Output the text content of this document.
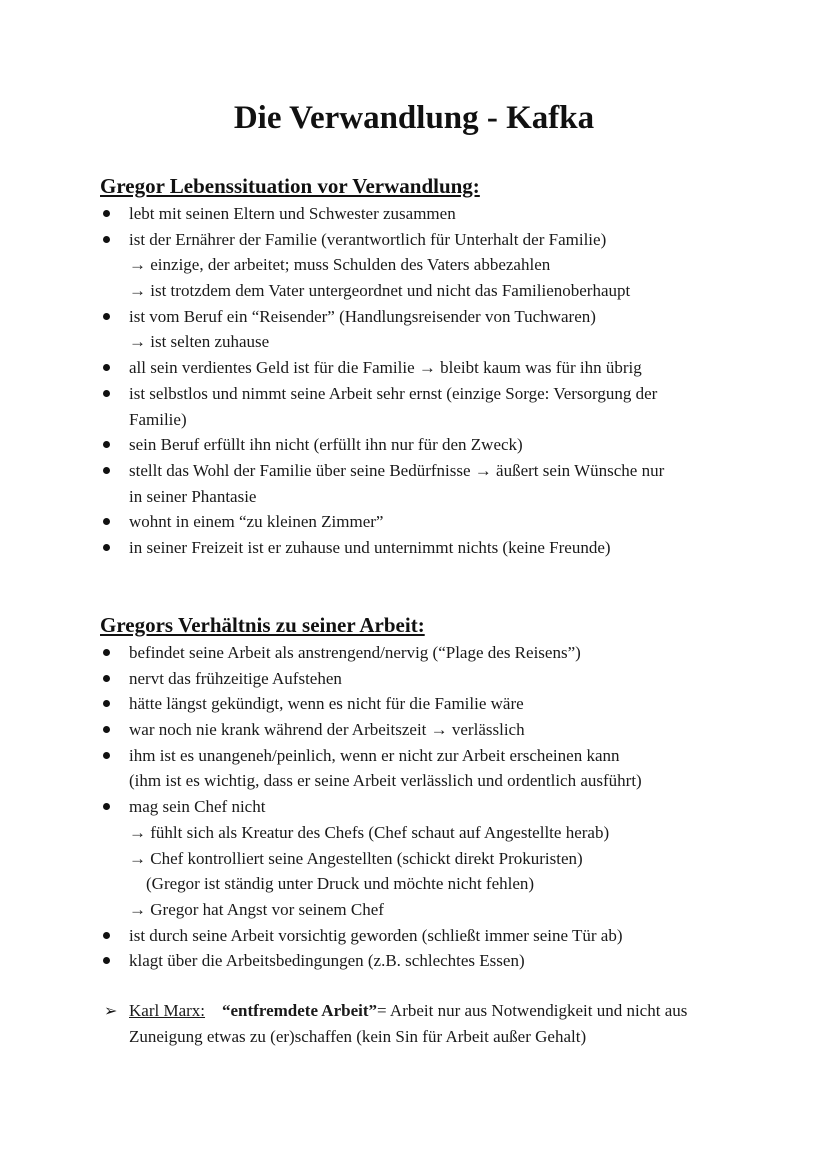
Die Verwandlung - Kafka
Gregor Lebenssituation vor Verwandlung:
lebt mit seinen Eltern und Schwester zusammen
ist der Ernährer der Familie (verantwortlich für Unterhalt der Familie)
→ einzige, der arbeitet; muss Schulden des Vaters abbezahlen
→ ist trotzdem dem Vater untergeordnet und nicht das Familienoberhaupt
ist vom Beruf ein “Reisender” (Handlungsreisender von Tuchwaren)
→ ist selten zuhause
all sein verdientes Geld ist für die Familie → bleibt kaum was für ihn übrig
ist selbstlos und nimmt seine Arbeit sehr ernst (einzige Sorge: Versorgung der
Familie)
sein Beruf erfüllt ihn nicht (erfüllt ihn nur für den Zweck)
stellt das Wohl der Familie über seine Bedürfnisse → äußert sein Wünsche nur
in seiner Phantasie
wohnt in einem “zu kleinen Zimmer”
in seiner Freizeit ist er zuhause und unternimmt nichts (keine Freunde)
Gregors Verhältnis zu seiner Arbeit:
befindet seine Arbeit als anstrengend/nervig (“Plage des Reisens”)
nervt das frühzeitige Aufstehen
hätte längst gekündigt, wenn es nicht für die Familie wäre
war noch nie krank während der Arbeitszeit → verlässlich
ihm ist es unangeneh/peinlich, wenn er nicht zur Arbeit erscheinen kann
(ihm ist es wichtig, dass er seine Arbeit verlässlich und ordentlich ausführt)
mag sein Chef nicht
→ fühlt sich als Kreatur des Chefs (Chef schaut auf Angestellte herab)
→ Chef kontrolliert seine Angestellten (schickt direkt Prokuristen)
(Gregor ist ständig unter Druck und möchte nicht fehlen)
→ Gregor hat Angst vor seinem Chef
ist durch seine Arbeit vorsichtig geworden (schließt immer seine Tür ab)
klagt über die Arbeitsbedingungen (z.B. schlechtes Essen)
➢ Karl Marx: “entfremdete Arbeit”= Arbeit nur aus Notwendigkeit und nicht aus
Zuneigung etwas zu (er)schaffen (kein Sin für Arbeit außer Gehalt)
